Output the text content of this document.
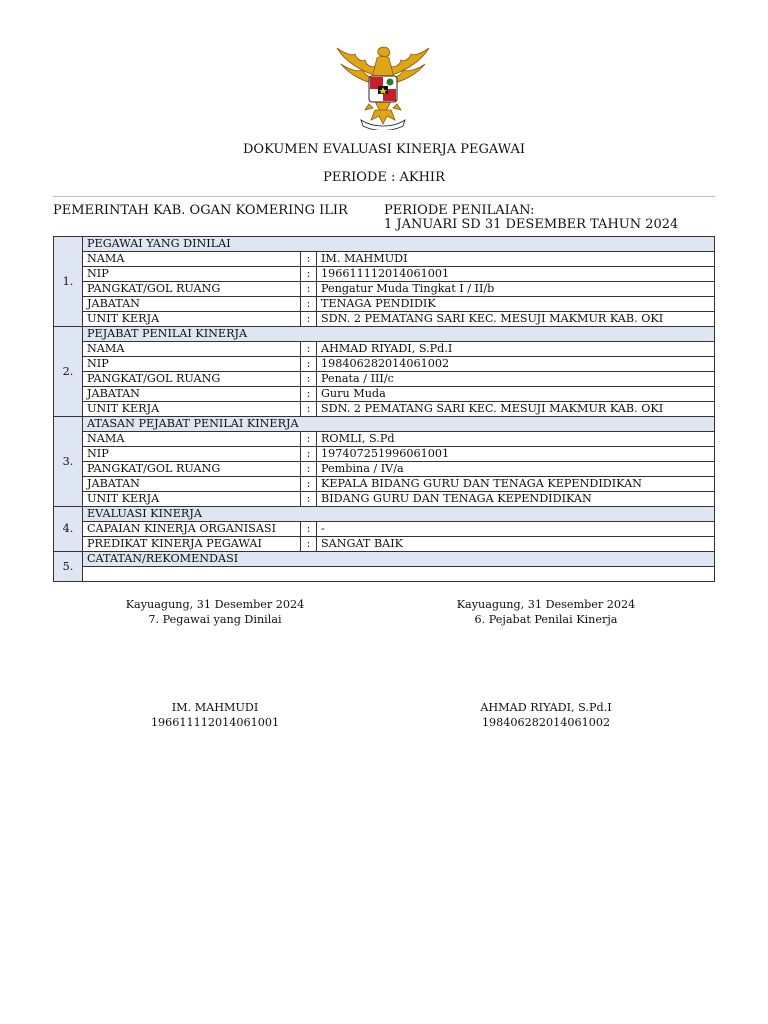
DOKUMEN EVALUASI KINERJA PEGAWAI
PERIODE : AKHIR
PEMERINTAH KAB. OGAN KOMERING ILIR	PERIODE PENILAIAN:
1 JANUARI SD 31 DESEMBER TAHUN 2024
1.	PEGAWAI YANG DINILAI		
	NAMA	:	IM. MAHMUDI
	NIP	:	196611112014061001
	PANGKAT/GOL RUANG	:	Pengatur Muda Tingkat I / II/b
	JABATAN	:	TENAGA PENDIDIK
	UNIT KERJA	:	SDN. 2 PEMATANG SARI KEC. MESUJI MAKMUR KAB. OKI
2.	PEJABAT PENILAI KINERJA		
	NAMA	:	AHMAD RIYADI, S.Pd.I
	NIP	:	198406282014061002
	PANGKAT/GOL RUANG	:	Penata / III/c
	JABATAN	:	Guru Muda
	UNIT KERJA	:	SDN. 2 PEMATANG SARI KEC. MESUJI MAKMUR KAB. OKI
3.	ATASAN PEJABAT PENILAI KINERJA		
	NAMA	:	ROMLI, S.Pd
	NIP	:	197407251996061001
	PANGKAT/GOL RUANG	:	Pembina / IV/a
	JABATAN	:	KEPALA BIDANG GURU DAN TENAGA KEPENDIDIKAN
	UNIT KERJA	:	BIDANG GURU DAN TENAGA KEPENDIDIKAN
4.	EVALUASI KINERJA		
	CAPAIAN KINERJA ORGANISASI	:	-
	PREDIKAT KINERJA PEGAWAI	:	SANGAT BAIK
5.	CATATAN/REKOMENDASI		

Kayuagung, 31 Desember 2024
7. Pegawai yang Dinilai
IM. MAHMUDI
196611112014061001
Kayuagung, 31 Desember 2024
6. Pejabat Penilai Kinerja
AHMAD RIYADI, S.Pd.I
198406282014061002
